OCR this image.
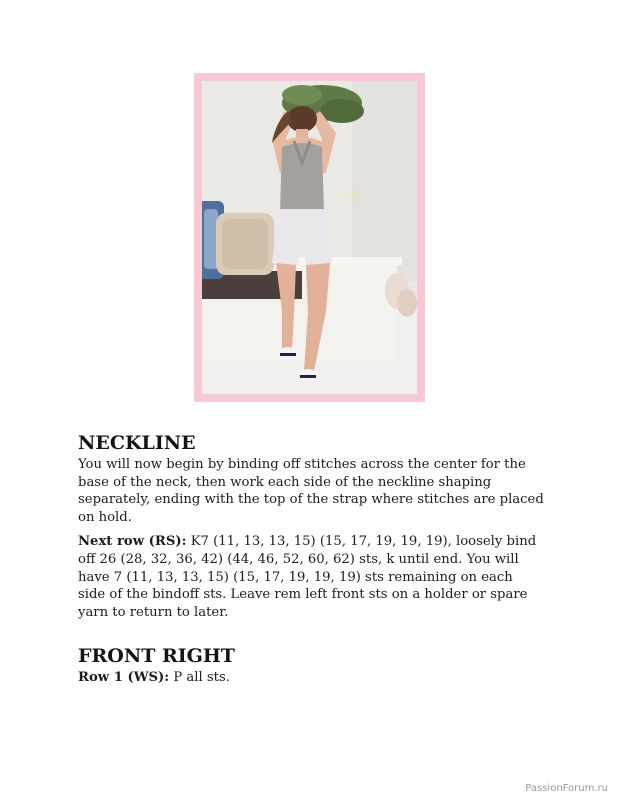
NECKLINE

You will now begin by binding off stitches across the center for the base of the neck, then work each side of the neckline shaping separately, ending with the top of the strap where stitches are placed on hold.

Next row (RS): K7 (11, 13, 13, 15) (15, 17, 19, 19, 19), loosely bind off 26 (28, 32, 36, 42) (44, 46, 52, 60, 62) sts, k until end. You will have 7 (11, 13, 13, 15) (15, 17, 19, 19, 19) sts remaining on each side of the bindoff sts. Leave rem left front sts on a holder or spare yarn to return to later.

FRONT RIGHT

Row 1 (WS): P all sts.

PassionForum.ru
